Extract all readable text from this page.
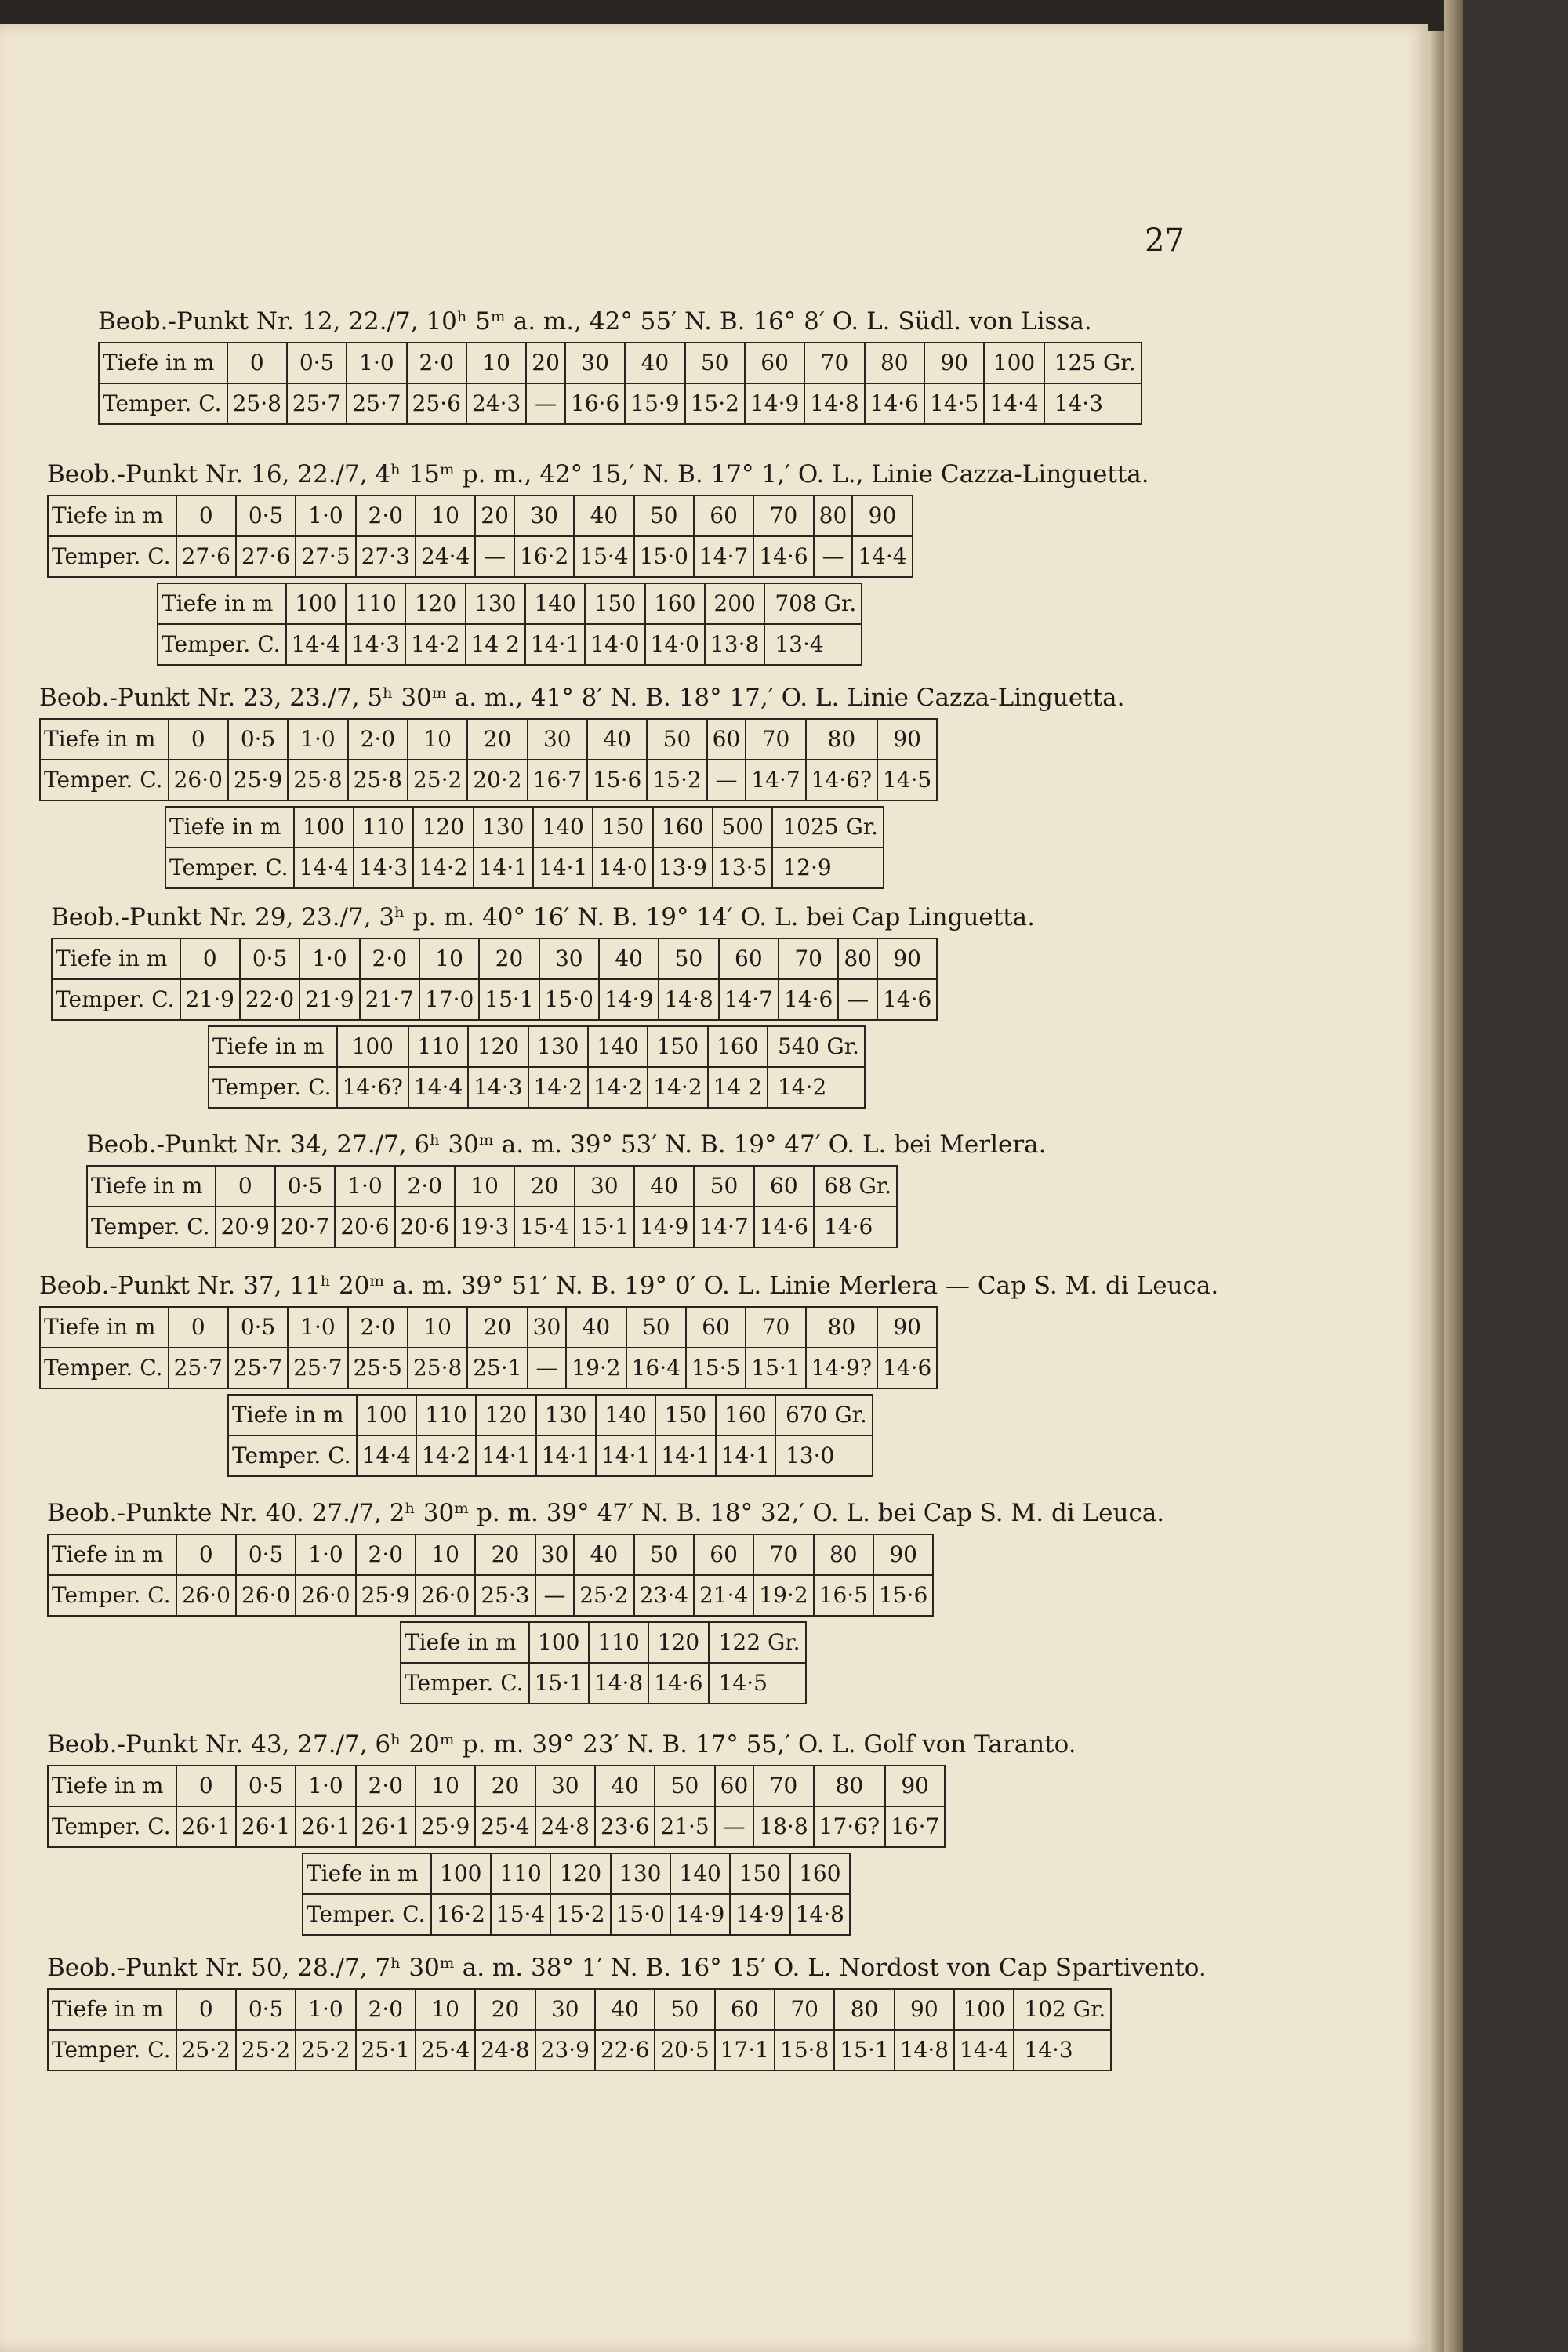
27
Beob.-Punkt Nr. 12, 22./7, 10ʰ 5ᵐ a. m., 42° 55′ N. B. 16° 8′ O. L. Südl. von Lissa.
Tiefe in m	0	0·5	1·0	2·0	10	20	30	40	50	60	70	80	90	100	125 Gr.
Temper. C.	25·8	25·7	25·7	25·6	24·3	—	16·6	15·9	15·2	14·9	14·8	14·6	14·5	14·4	14·3
Beob.-Punkt Nr. 16, 22./7, 4ʰ 15ᵐ p. m., 42° 15,′ N. B. 17° 1,′ O. L., Linie Cazza-Linguetta.
Tiefe in m	0	0·5	1·0	2·0	10	20	30	40	50	60	70	80	90
Temper. C.	27·6	27·6	27·5	27·3	24·4	—	16·2	15·4	15·0	14·7	14·6	—	14·4
Tiefe in m	100	110	120	130	140	150	160	200	708 Gr.
Temper. C.	14·4	14·3	14·2	14 2	14·1	14·0	14·0	13·8	13·4
Beob.-Punkt Nr. 23, 23./7, 5ʰ 30ᵐ a. m., 41° 8′ N. B. 18° 17,′ O. L. Linie Cazza-Linguetta.
Tiefe in m	0	0·5	1·0	2·0	10	20	30	40	50	60	70	80	90
Temper. C.	26·0	25·9	25·8	25·8	25·2	20·2	16·7	15·6	15·2	—	14·7	14·6?	14·5
Tiefe in m	100	110	120	130	140	150	160	500	1025 Gr.
Temper. C.	14·4	14·3	14·2	14·1	14·1	14·0	13·9	13·5	12·9
Beob.-Punkt Nr. 29, 23./7, 3ʰ p. m. 40° 16′ N. B. 19° 14′ O. L. bei Cap Linguetta.
Tiefe in m	0	0·5	1·0	2·0	10	20	30	40	50	60	70	80	90
Temper. C.	21·9	22·0	21·9	21·7	17·0	15·1	15·0	14·9	14·8	14·7	14·6	—	14·6
Tiefe in m	100	110	120	130	140	150	160	540 Gr.
Temper. C.	14·6?	14·4	14·3	14·2	14·2	14·2	14 2	14·2
Beob.-Punkt Nr. 34, 27./7, 6ʰ 30ᵐ a. m. 39° 53′ N. B. 19° 47′ O. L. bei Merlera.
Tiefe in m	0	0·5	1·0	2·0	10	20	30	40	50	60	68 Gr.
Temper. C.	20·9	20·7	20·6	20·6	19·3	15·4	15·1	14·9	14·7	14·6	14·6
Beob.-Punkt Nr. 37, 11ʰ 20ᵐ a. m. 39° 51′ N. B. 19° 0′ O. L. Linie Merlera — Cap S. M. di Leuca.
Tiefe in m	0	0·5	1·0	2·0	10	20	30	40	50	60	70	80	90
Temper. C.	25·7	25·7	25·7	25·5	25·8	25·1	—	19·2	16·4	15·5	15·1	14·9?	14·6
Tiefe in m	100	110	120	130	140	150	160	670 Gr.
Temper. C.	14·4	14·2	14·1	14·1	14·1	14·1	14·1	13·0
Beob.-Punkte Nr. 40. 27./7, 2ʰ 30ᵐ p. m. 39° 47′ N. B. 18° 32,′ O. L. bei Cap S. M. di Leuca.
Tiefe in m	0	0·5	1·0	2·0	10	20	30	40	50	60	70	80	90
Temper. C.	26·0	26·0	26·0	25·9	26·0	25·3	—	25·2	23·4	21·4	19·2	16·5	15·6
Tiefe in m	100	110	120	122 Gr.
Temper. C.	15·1	14·8	14·6	14·5
Beob.-Punkt Nr. 43, 27./7, 6ʰ 20ᵐ p. m. 39° 23′ N. B. 17° 55,′ O. L. Golf von Taranto.
Tiefe in m	0	0·5	1·0	2·0	10	20	30	40	50	60	70	80	90
Temper. C.	26·1	26·1	26·1	26·1	25·9	25·4	24·8	23·6	21·5	—	18·8	17·6?	16·7
Tiefe in m	100	110	120	130	140	150	160
Temper. C.	16·2	15·4	15·2	15·0	14·9	14·9	14·8
Beob.-Punkt Nr. 50, 28./7, 7ʰ 30ᵐ a. m. 38° 1′ N. B. 16° 15′ O. L. Nordost von Cap Spartivento.
Tiefe in m	0	0·5	1·0	2·0	10	20	30	40	50	60	70	80	90	100	102 Gr.
Temper. C.	25·2	25·2	25·2	25·1	25·4	24·8	23·9	22·6	20·5	17·1	15·8	15·1	14·8	14·4	14·3
